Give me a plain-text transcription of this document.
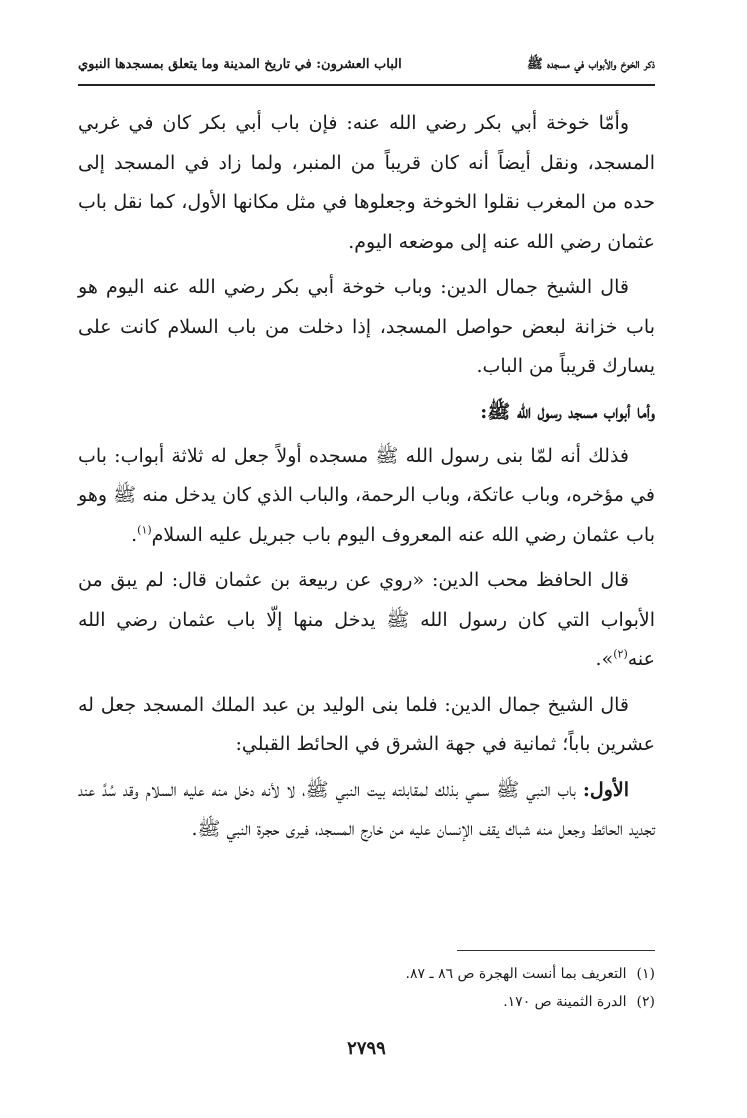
ذكر الخوخ والأبواب في مسجده ﷺ
الباب العشرون: في تاريخ المدينة وما يتعلق بمسجدها النبوي

وأمّا خوخة أبي بكر رضي الله عنه: فإن باب أبي بكر كان في غربي المسجد، ونقل أيضاً أنه كان قريباً من المنبر، ولما زاد في المسجد إلى حده من المغرب نقلوا الخوخة وجعلوها في مثل مكانها الأول، كما نقل باب عثمان رضي الله عنه إلى موضعه اليوم.

قال الشيخ جمال الدين: وباب خوخة أبي بكر رضي الله عنه اليوم هو باب خزانة لبعض حواصل المسجد، إذا دخلت من باب السلام كانت على يسارك قريباً من الباب.

وأما أبواب مسجد رسول الله ﷺ:

فذلك أنه لمّا بنى رسول الله ﷺ مسجده أولاً جعل له ثلاثة أبواب: باب في مؤخره، وباب عاتكة، وباب الرحمة، والباب الذي كان يدخل منه ﷺ وهو باب عثمان رضي الله عنه المعروف اليوم باب جبريل عليه السلام$^{(١)}$.

قال الحافظ محب الدين: «روي عن ربيعة بن عثمان قال: لم يبق من الأبواب التي كان رسول الله ﷺ يدخل منها إلّا باب عثمان رضي الله عنه$^{(٢)}$».

قال الشيخ جمال الدين: فلما بنى الوليد بن عبد الملك المسجد جعل له عشرين باباً؛ ثمانية في جهة الشرق في الحائط القبلي:

الأول: باب النبي ﷺ سمي بذلك لمقابلته بيت النبي ﷺ، لا لأنه دخل منه عليه السلام وقد سُدَّ عند تجديد الحائط وجعل منه شباك يقف الإنسان عليه من خارج المسجد، فيرى حجرة النبي ﷺ.

(١)التعريف بما أنست الهجرة ص ٨٦ ـ ٨٧.
(٢)الدرة الثمينة ص ١٧٠.
٢٧٩٩
